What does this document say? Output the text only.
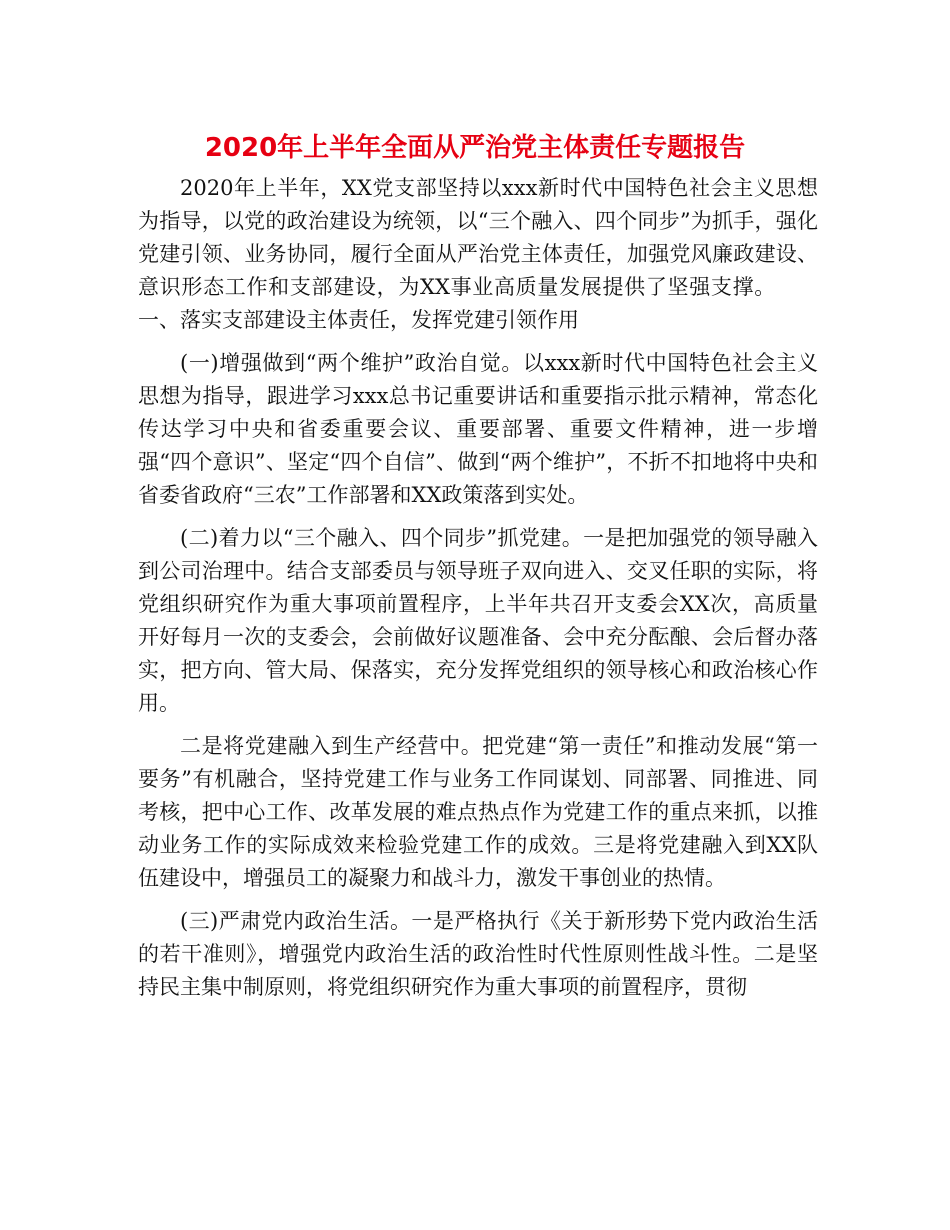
2020年上半年全面从严治党主体责任专题报告

2020年上半年，XX党支部坚持以xxx新时代中国特色社会主义思想为指导，以党的政治建设为统领，以“三个融入、四个同步”为抓手，强化党建引领、业务协同，履行全面从严治党主体责任，加强党风廉政建设、意识形态工作和支部建设，为XX事业高质量发展提供了坚强支撑。一、落实支部建设主体责任，发挥党建引领作用

(一)增强做到“两个维护”政治自觉。以xxx新时代中国特色社会主义思想为指导，跟进学习xxx总书记重要讲话和重要指示批示精神，常态化传达学习中央和省委重要会议、重要部署、重要文件精神，进一步增强“四个意识”、坚定“四个自信”、做到“两个维护”，不折不扣地将中央和省委省政府“三农”工作部署和XX政策落到实处。

(二)着力以“三个融入、四个同步”抓党建。一是把加强党的领导融入到公司治理中。结合支部委员与领导班子双向进入、交叉任职的实际，将党组织研究作为重大事项前置程序，上半年共召开支委会XX次，高质量开好每月一次的支委会，会前做好议题准备、会中充分酝酿、会后督办落实，把方向、管大局、保落实，充分发挥党组织的领导核心和政治核心作用。

二是将党建融入到生产经营中。把党建“第一责任”和推动发展“第一要务”有机融合，坚持党建工作与业务工作同谋划、同部署、同推进、同考核，把中心工作、改革发展的难点热点作为党建工作的重点来抓，以推动业务工作的实际成效来检验党建工作的成效。三是将党建融入到XX队伍建设中，增强员工的凝聚力和战斗力，激发干事创业的热情。

(三)严肃党内政治生活。一是严格执行《关于新形势下党内政治生活的若干准则》，增强党内政治生活的政治性时代性原则性战斗性。二是坚持民主集中制原则，将党组织研究作为重大事项的前置程序，贯彻
